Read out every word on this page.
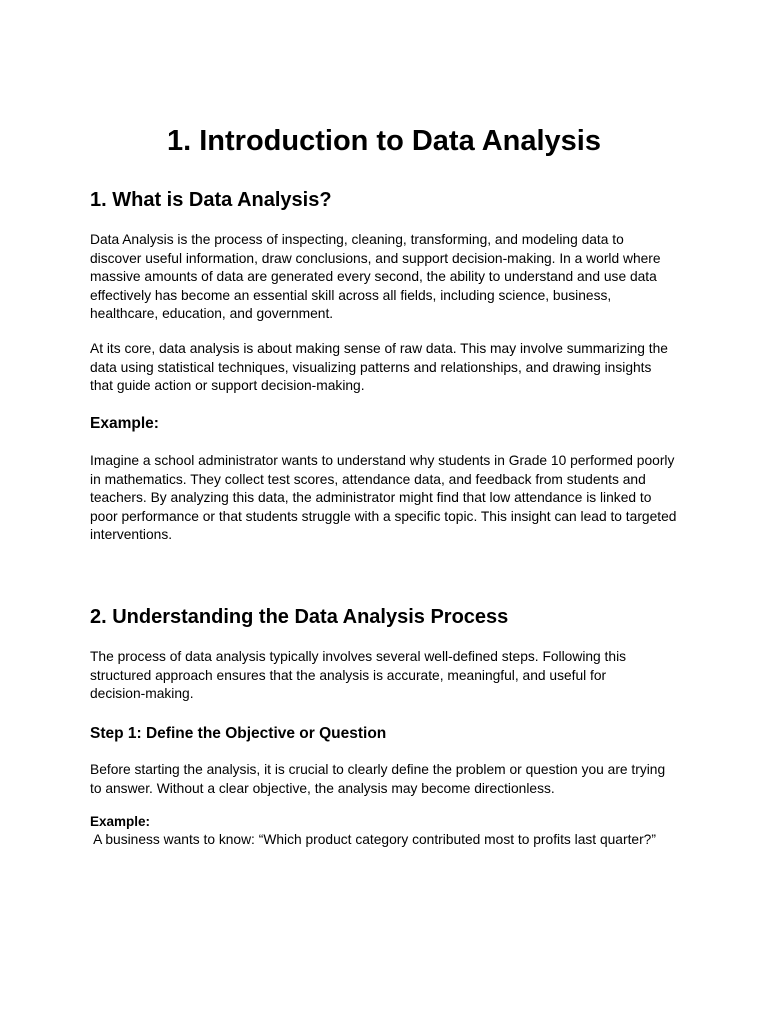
1. Introduction to Data Analysis
1. What is Data Analysis?

Data Analysis is the process of inspecting, cleaning, transforming, and modeling data to
discover useful information, draw conclusions, and support decision-making. In a world where
massive amounts of data are generated every second, the ability to understand and use data
effectively has become an essential skill across all fields, including science, business,
healthcare, education, and government.

At its core, data analysis is about making sense of raw data. This may involve summarizing the
data using statistical techniques, visualizing patterns and relationships, and drawing insights
that guide action or support decision-making.

Example:

Imagine a school administrator wants to understand why students in Grade 10 performed poorly
in mathematics. They collect test scores, attendance data, and feedback from students and
teachers. By analyzing this data, the administrator might find that low attendance is linked to
poor performance or that students struggle with a specific topic. This insight can lead to targeted
interventions.

2. Understanding the Data Analysis Process

The process of data analysis typically involves several well-defined steps. Following this
structured approach ensures that the analysis is accurate, meaningful, and useful for
decision-making.

Step 1: Define the Objective or Question

Before starting the analysis, it is crucial to clearly define the problem or question you are trying
to answer. Without a clear objective, the analysis may become directionless.

Example:

A business wants to know: “Which product category contributed most to profits last quarter?”
